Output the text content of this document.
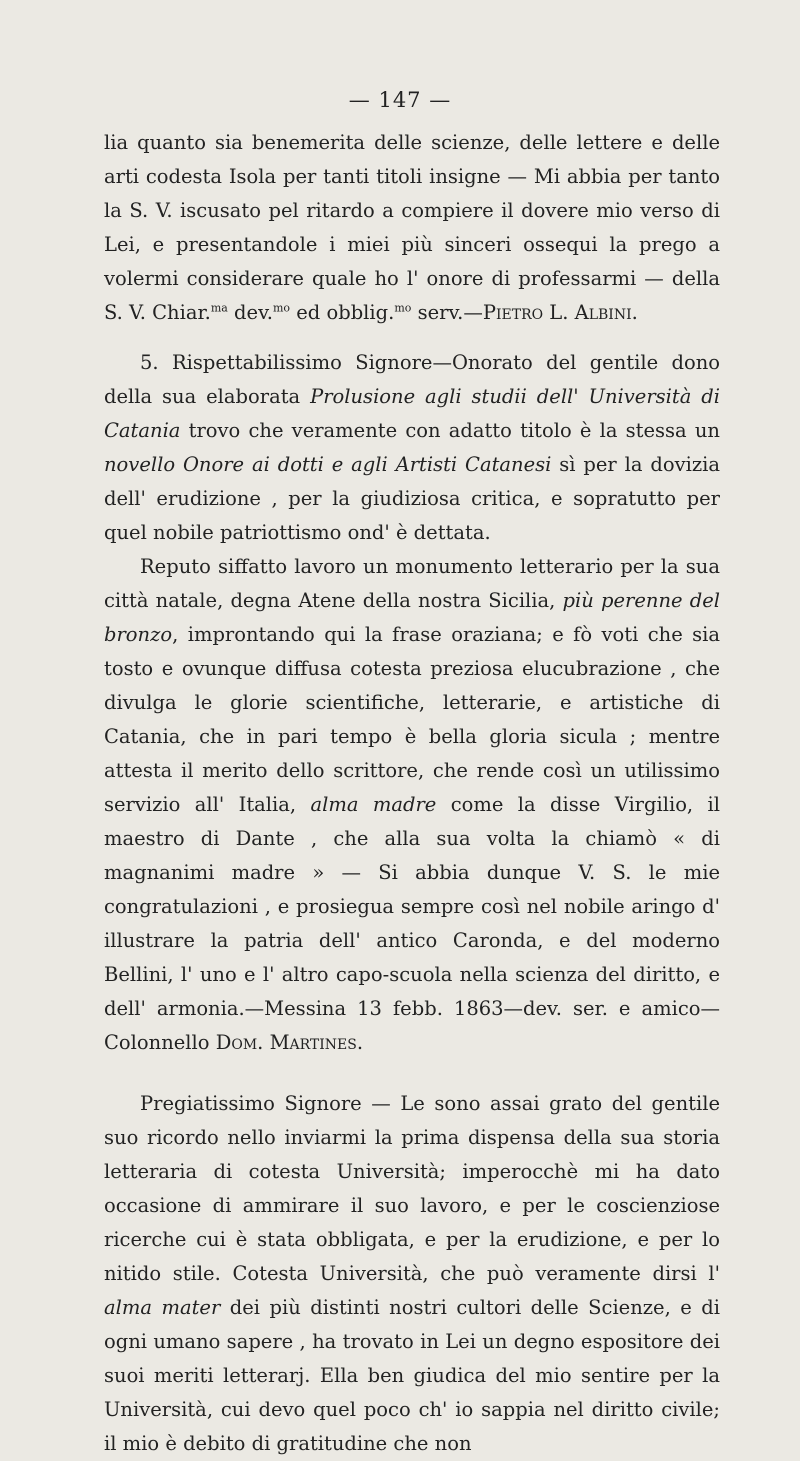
— 147 —

lia quanto sia benemerita delle scienze, delle lettere e delle arti codesta Isola per tanti titoli insigne — Mi abbia per tanto la S. V. iscusato pel ritardo a compiere il dovere mio verso di Lei, e presentandole i miei più sinceri ossequi la prego a volermi considerare quale ho l' onore di professarmi — della S. V. Chiar.$^{ma}$ dev.$^{mo}$ ed obblig.$^{mo}$ serv.—Pietro L. Albini.

5. Rispettabilissimo Signore—Onorato del gentile dono della sua elaborata Prolusione agli studii dell' Università di Catania trovo che veramente con adatto titolo è la stessa un novello Onore ai dotti e agli Artisti Catanesi sì per la dovizia dell' erudizione , per la giudiziosa critica, e sopratutto per quel nobile patriottismo ond' è dettata.

Reputo siffatto lavoro un monumento letterario per la sua città natale, degna Atene della nostra Sicilia, più perenne del bronzo, improntando qui la frase oraziana; e fò voti che sia tosto e ovunque diffusa cotesta preziosa elucubrazione , che divulga le glorie scientifiche, letterarie, e artistiche di Catania, che in pari tempo è bella gloria sicula ; mentre attesta il merito dello scrittore, che rende così un utilissimo servizio all' Italia, alma madre come la disse Virgilio, il maestro di Dante , che alla sua volta la chiamò « di magnanimi madre » — Si abbia dunque V. S. le mie congratulazioni , e prosiegua sempre così nel nobile aringo d' illustrare la patria dell' antico Caronda, e del moderno Bellini, l' uno e l' altro capo-scuola nella scienza del diritto, e dell' armonia.—Messina 13 febb. 1863—dev. ser. e amico—Colonnello Dom. Martines.

Pregiatissimo Signore — Le sono assai grato del gentile suo ricordo nello inviarmi la prima dispensa della sua storia letteraria di cotesta Università; imperocchè mi ha dato occasione di ammirare il suo lavoro, e per le coscienziose ricerche cui è stata obbligata, e per la erudizione, e per lo nitido stile. Cotesta Università, che può veramente dirsi l' alma mater dei più distinti nostri cultori delle Scienze, e di ogni umano sapere , ha trovato in Lei un degno espositore dei suoi meriti letterarj. Ella ben giudica del mio sentire per la Università, cui devo quel poco ch' io sappia nel diritto civile; il mio è debito di gratitudine che non
